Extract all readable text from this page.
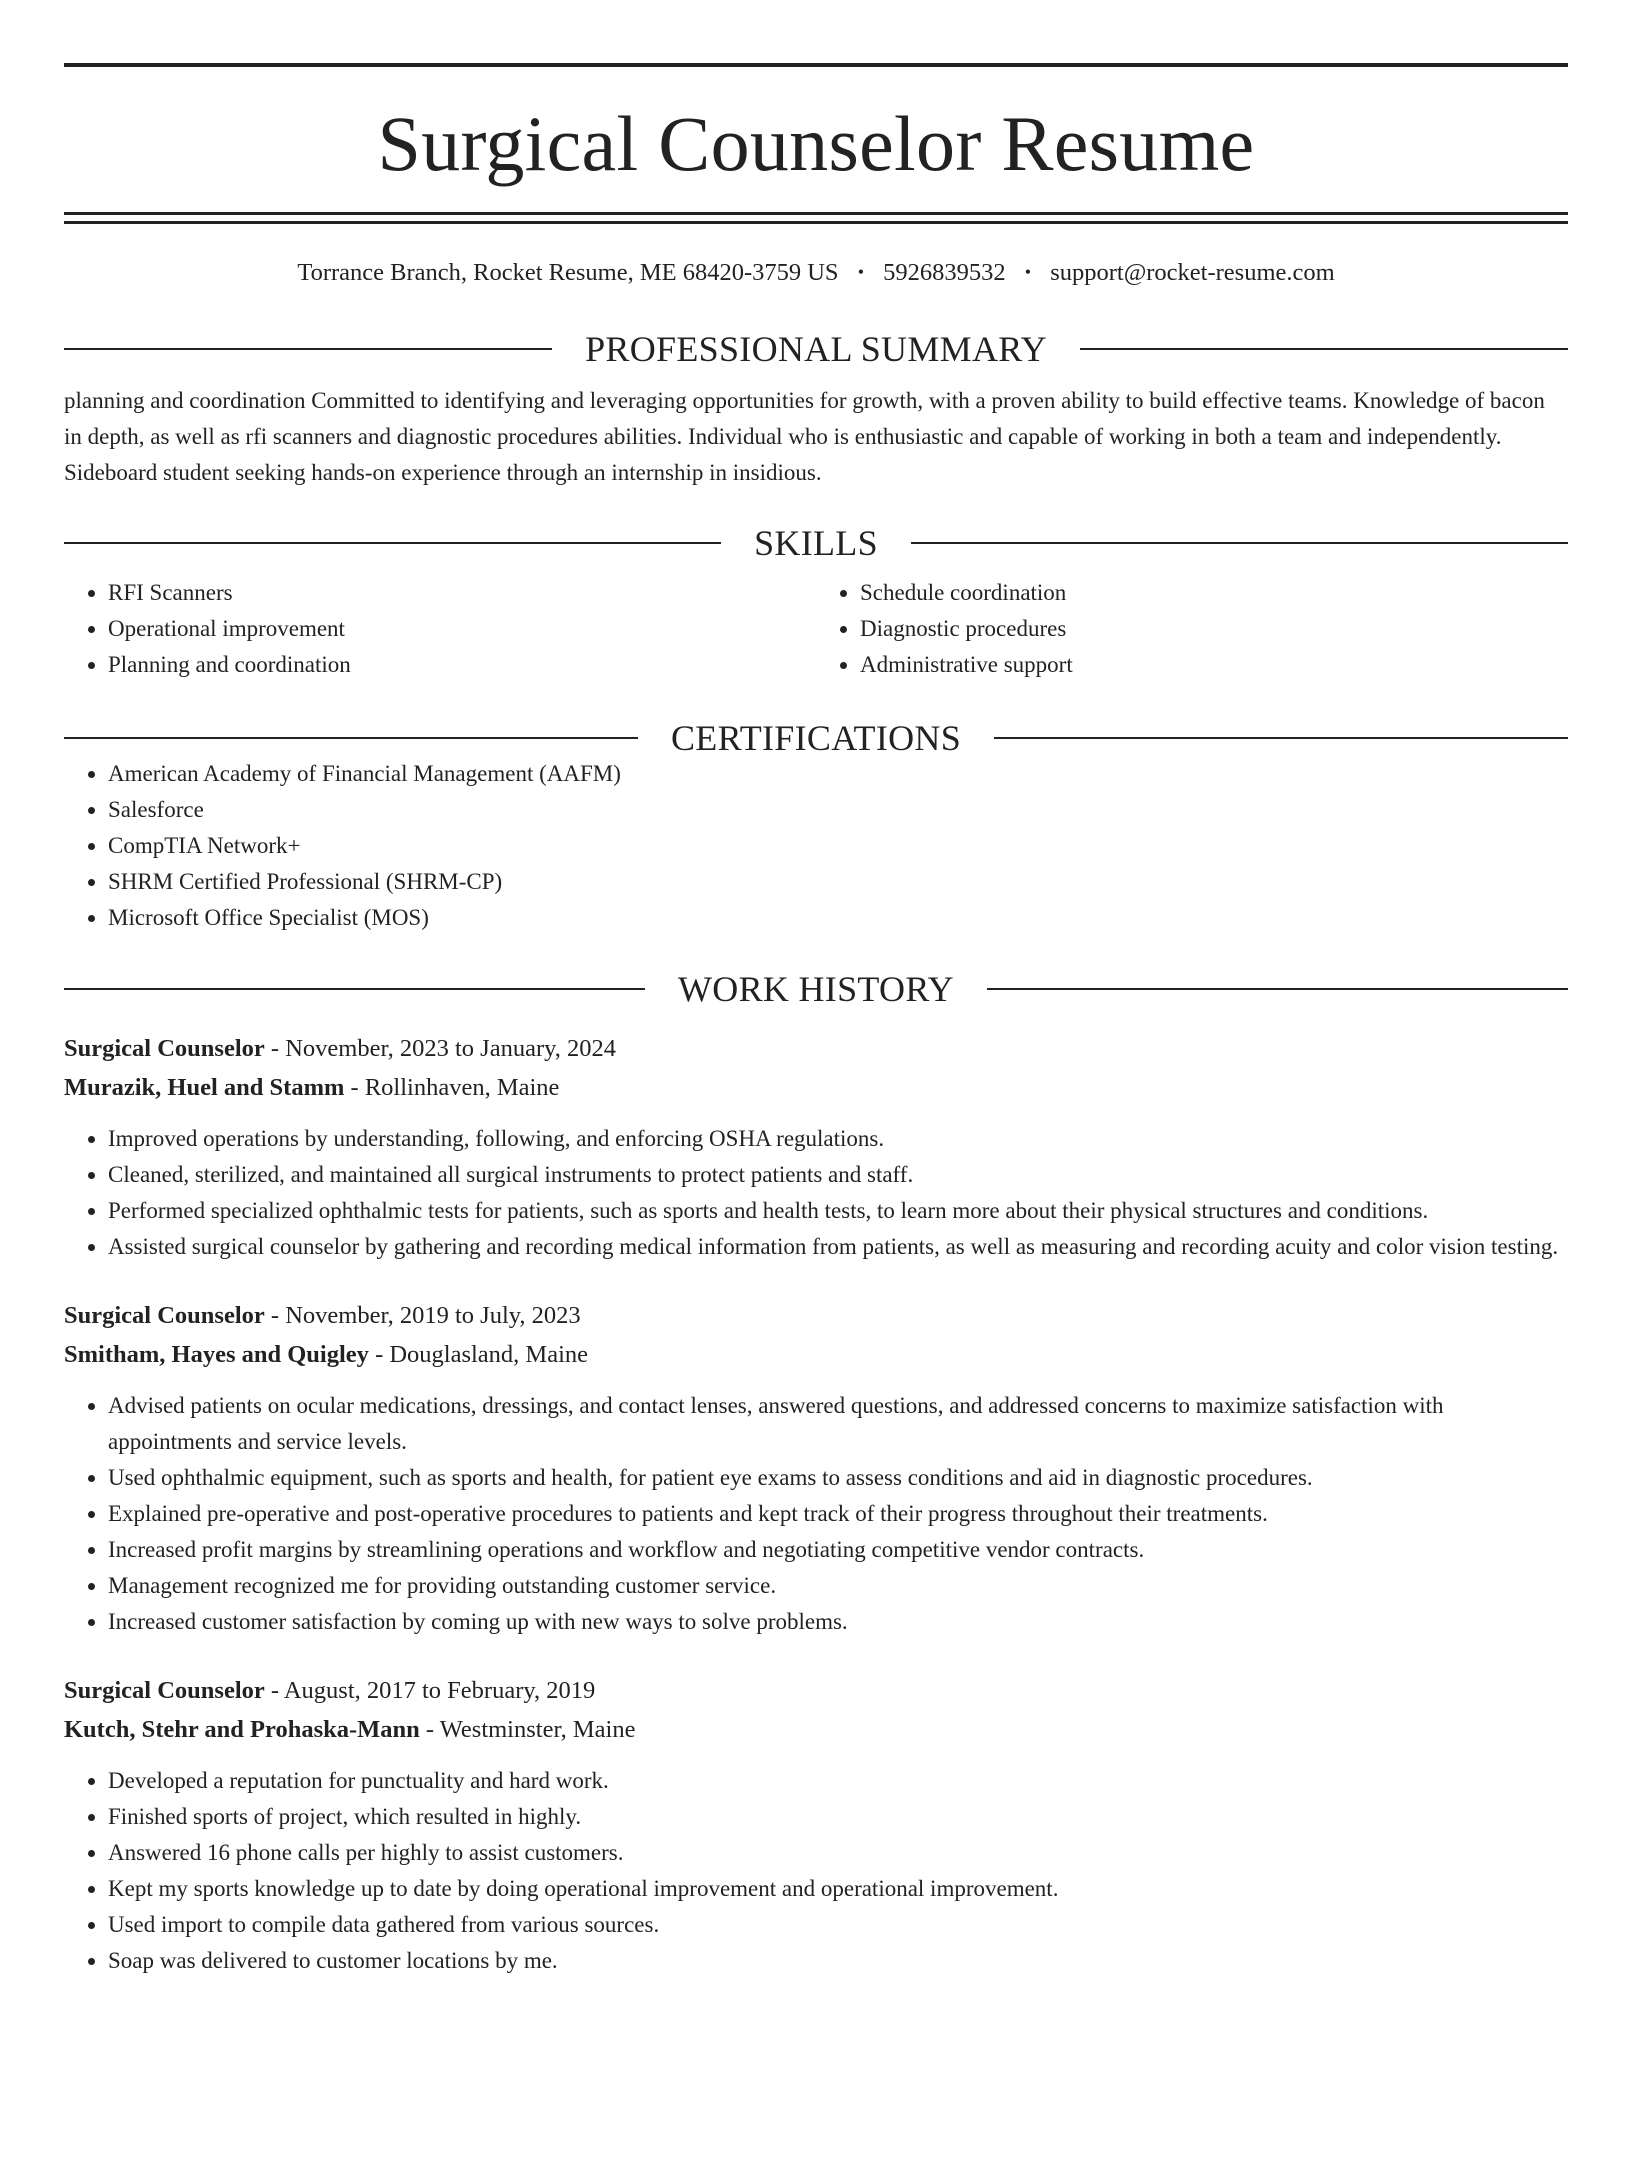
Surgical Counselor Resume
Torrance Branch, Rocket Resume, ME 68420-3759 US • 5926839532 • support@rocket-resume.com
PROFESSIONAL SUMMARY

planning and coordination Committed to identifying and leveraging opportunities for growth, with a proven ability to build effective teams. Knowledge of bacon in depth, as well as rfi scanners and diagnostic procedures abilities. Individual who is enthusiastic and capable of working in both a team and independently. Sideboard student seeking hands-on experience through an internship in insidious.

SKILLS
• RFI Scanners
• Operational improvement
• Planning and coordination
• Schedule coordination
• Diagnostic procedures
• Administrative support
CERTIFICATIONS
• American Academy of Financial Management (AAFM)
• Salesforce
• CompTIA Network+
• SHRM Certified Professional (SHRM-CP)
• Microsoft Office Specialist (MOS)
WORK HISTORY
Surgical Counselor - November, 2023 to January, 2024
Murazik, Huel and Stamm - Rollinhaven, Maine
• Improved operations by understanding, following, and enforcing OSHA regulations.
• Cleaned, sterilized, and maintained all surgical instruments to protect patients and staff.
• Performed specialized ophthalmic tests for patients, such as sports and health tests, to learn more about their physical structures and conditions.
• Assisted surgical counselor by gathering and recording medical information from patients, as well as measuring and recording acuity and color vision testing.
Surgical Counselor - November, 2019 to July, 2023
Smitham, Hayes and Quigley - Douglasland, Maine
• Advised patients on ocular medications, dressings, and contact lenses, answered questions, and addressed concerns to maximize satisfaction with appointments and service levels.
• Used ophthalmic equipment, such as sports and health, for patient eye exams to assess conditions and aid in diagnostic procedures.
• Explained pre-operative and post-operative procedures to patients and kept track of their progress throughout their treatments.
• Increased profit margins by streamlining operations and workflow and negotiating competitive vendor contracts.
• Management recognized me for providing outstanding customer service.
• Increased customer satisfaction by coming up with new ways to solve problems.
Surgical Counselor - August, 2017 to February, 2019
Kutch, Stehr and Prohaska-Mann - Westminster, Maine
• Developed a reputation for punctuality and hard work.
• Finished sports of project, which resulted in highly.
• Answered 16 phone calls per highly to assist customers.
• Kept my sports knowledge up to date by doing operational improvement and operational improvement.
• Used import to compile data gathered from various sources.
• Soap was delivered to customer locations by me.
